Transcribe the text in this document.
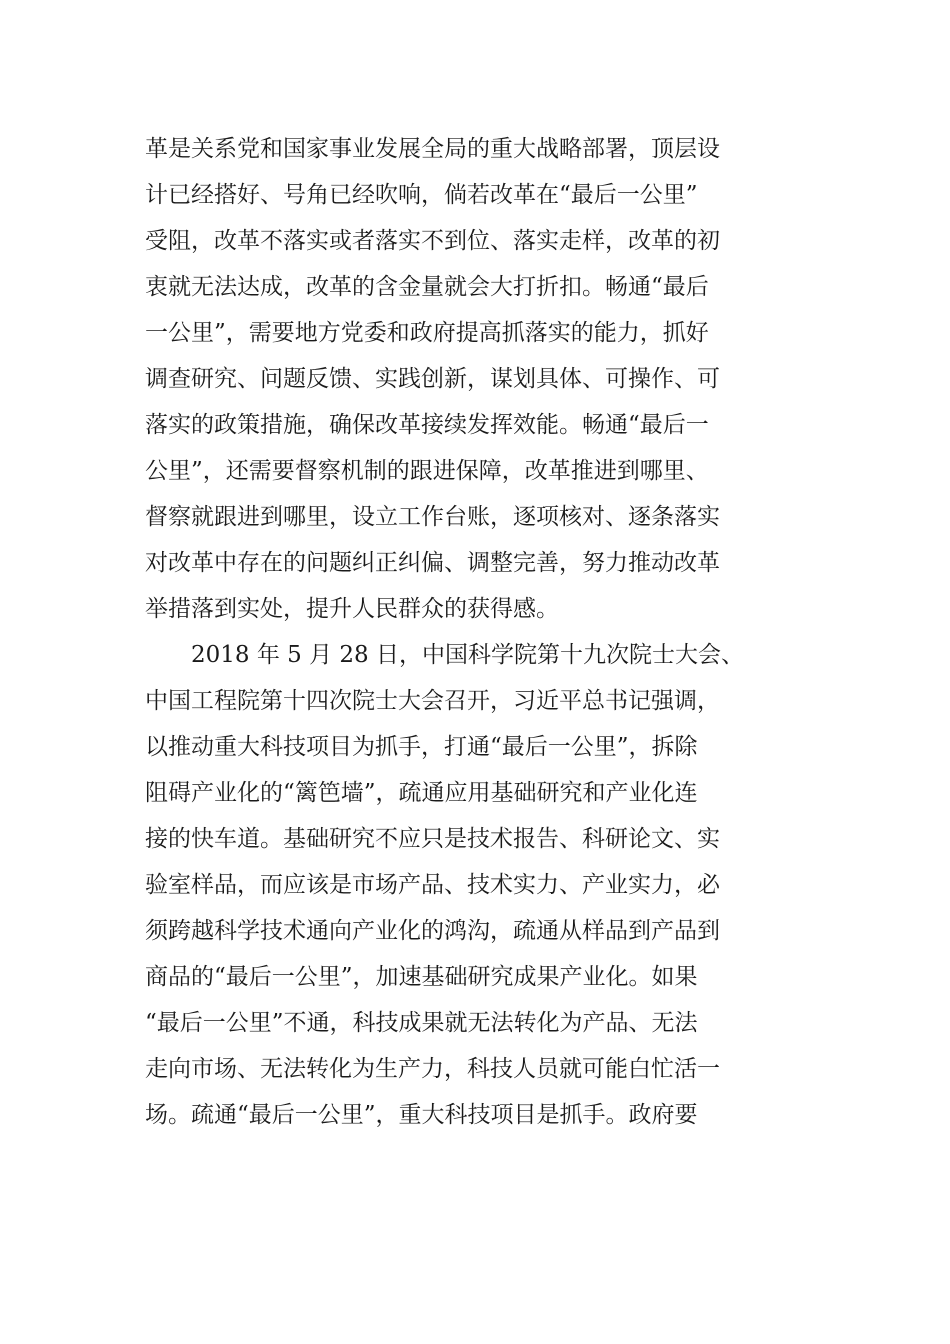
革是关系党和国家事业发展全局的重大战略部署，顶层设
计已经搭好、号角已经吹响，倘若改革在“最后一公里”
受阻，改革不落实或者落实不到位、落实走样，改革的初
衷就无法达成，改革的含金量就会大打折扣。畅通“最后
一公里”，需要地方党委和政府提高抓落实的能力，抓好
调查研究、问题反馈、实践创新，谋划具体、可操作、可
落实的政策措施，确保改革接续发挥效能。畅通“最后一
公里”，还需要督察机制的跟进保障，改革推进到哪里、
督察就跟进到哪里，设立工作台账，逐项核对、逐条落实
对改革中存在的问题纠正纠偏、调整完善，努力推动改革
举措落到实处，提升人民群众的获得感。
2018 年 5 月 28 日，中国科学院第十九次院士大会、
中国工程院第十四次院士大会召开，习近平总书记强调，
以推动重大科技项目为抓手，打通“最后一公里”，拆除
阻碍产业化的“篱笆墙”，疏通应用基础研究和产业化连
接的快车道。基础研究不应只是技术报告、科研论文、实
验室样品，而应该是市场产品、技术实力、产业实力，必
须跨越科学技术通向产业化的鸿沟，疏通从样品到产品到
商品的“最后一公里”，加速基础研究成果产业化。如果
“最后一公里”不通，科技成果就无法转化为产品、无法
走向市场、无法转化为生产力，科技人员就可能白忙活一
场。疏通“最后一公里”，重大科技项目是抓手。政府要
